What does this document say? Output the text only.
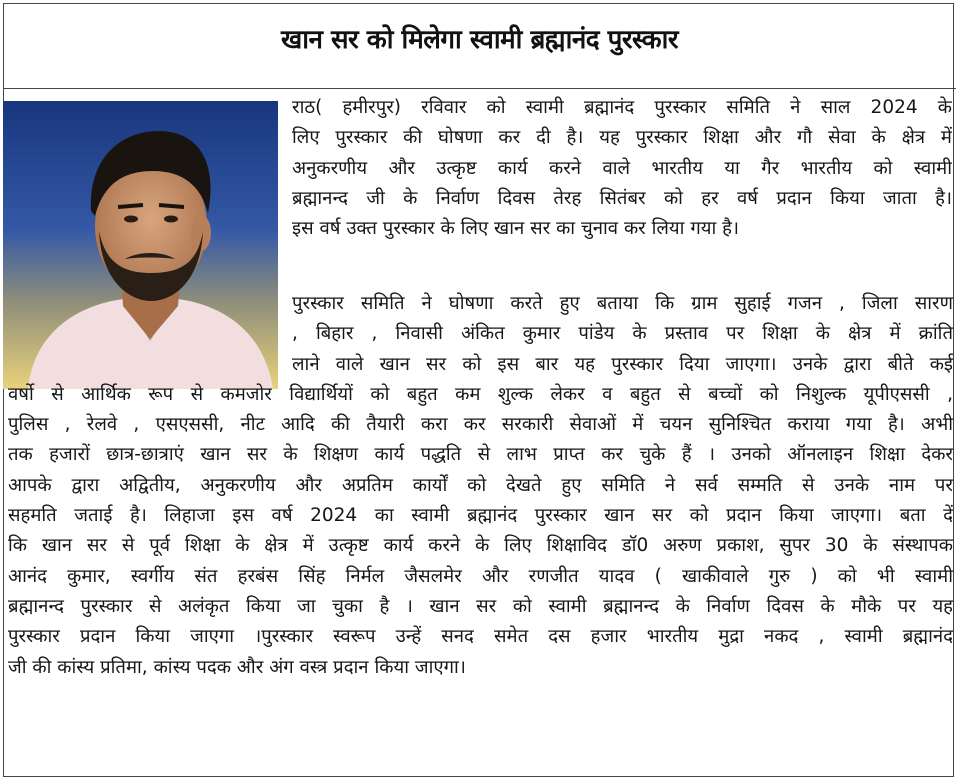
खान सर को मिलेगा स्वामी ब्रह्मानंद पुरस्कार
राठ( हमीरपुर) रविवार को स्वामी ब्रह्मानंद पुरस्कार समिति ने साल 2024 के
लिए पुरस्कार की घोषणा कर दी है। यह पुरस्कार शिक्षा और गौ सेवा के क्षेत्र में
अनुकरणीय और उत्कृष्ट कार्य करने वाले भारतीय या गैर भारतीय को स्वामी
ब्रह्मानन्द जी के निर्वाण दिवस तेरह सितंबर को हर वर्ष प्रदान किया जाता है।
इस वर्ष उक्त पुरस्कार के लिए खान सर का चुनाव कर लिया गया है।
पुरस्कार समिति ने घोषणा करते हुए बताया कि ग्राम सुहाई गजन , जिला सारण
, बिहार , निवासी अंकित कुमार पांडेय के प्रस्ताव पर शिक्षा के क्षेत्र में क्रांति
लाने वाले खान सर को इस बार यह पुरस्कार दिया जाएगा। उनके द्वारा बीते कई
वर्षो से आर्थिक रूप से कमजोर विद्यार्थियों को बहुत कम शुल्क लेकर व बहुत से बच्चों को निशुल्क यूपीएससी ,
पुलिस , रेलवे , एसएससी, नीट आदि की तैयारी करा कर सरकारी सेवाओं में चयन सुनिश्चित कराया गया है। अभी
तक हजारों छात्र-छात्राएं खान सर के शिक्षण कार्य पद्धति से लाभ प्राप्त कर चुके हैं । उनको ऑनलाइन शिक्षा देकर
आपके द्वारा अद्वितीय, अनुकरणीय और अप्रतिम कार्यों को देखते हुए समिति ने सर्व सम्मति से उनके नाम पर
सहमति जताई है। लिहाजा इस वर्ष 2024 का स्वामी ब्रह्मानंद पुरस्कार खान सर को प्रदान किया जाएगा। बता दें
कि खान सर से पूर्व शिक्षा के क्षेत्र में उत्कृष्ट कार्य करने के लिए शिक्षाविद डॉ0 अरुण प्रकाश, सुपर 30 के संस्थापक
आनंद कुमार, स्वर्गीय संत हरबंस सिंह निर्मल जैसलमेर और रणजीत यादव ( खाकीवाले गुरु ) को भी स्वामी
ब्रह्मानन्द पुरस्कार से अलंकृत किया जा चुका है । खान सर को स्वामी ब्रह्मानन्द के निर्वाण दिवस के मौके पर यह
पुरस्कार प्रदान किया जाएगा ।पुरस्कार स्वरूप उन्हें सनद समेत दस हजार भारतीय मुद्रा नकद , स्वामी ब्रह्मानंद
जी की कांस्य प्रतिमा, कांस्य पदक और अंग वस्त्र प्रदान किया जाएगा।
